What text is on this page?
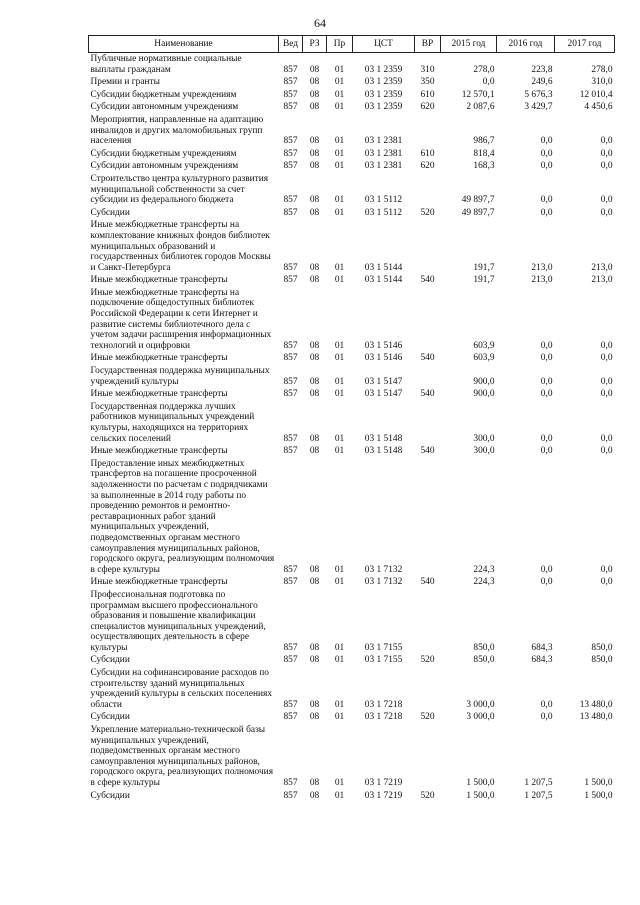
64
Наименование	Вед	РЗ	Пр	ЦСТ	ВР	2015 год	2016 год	2017 год
Публичные нормативные социальные выплаты гражданам	857	08	01	03 1 2359	310	278,0	223,8	278,0
Премии и гранты	857	08	01	03 1 2359	350	0,0	249,6	310,0
Субсидии бюджетным учреждениям	857	08	01	03 1 2359	610	12 570,1	5 676,3	12 010,4
Субсидии автономным учреждениям	857	08	01	03 1 2359	620	2 087,6	3 429,7	4 450,6
Мероприятия, направленные на адаптацию инвалидов и других маломобильных групп населения	857	08	01	03 1 2381		986,7	0,0	0,0
Субсидии бюджетным учреждениям	857	08	01	03 1 2381	610	818,4	0,0	0,0
Субсидии автономным учреждениям	857	08	01	03 1 2381	620	168,3	0,0	0,0
Строительство центра культурного развития муниципальной собственности за счет субсидии из федерального бюджета	857	08	01	03 1 5112		49 897,7	0,0	0,0
Субсидии	857	08	01	03 1 5112	520	49 897,7	0,0	0,0
Иные межбюджетные трансферты на комплектование книжных фондов библиотек муниципальных образований и государственных библиотек городов Москвы и Санкт-Петербурга	857	08	01	03 1 5144		191,7	213,0	213,0
Иные межбюджетные трансферты	857	08	01	03 1 5144	540	191,7	213,0	213,0
Иные межбюджетные трансферты на подключение общедоступных библиотек Российской Федерации к сети Интернет и развитие системы библиотечного дела с учетом задачи расширения информационных технологий и оцифровки	857	08	01	03 1 5146		603,9	0,0	0,0
Иные межбюджетные трансферты	857	08	01	03 1 5146	540	603,9	0,0	0,0
Государственная поддержка муниципальных учреждений культуры	857	08	01	03 1 5147		900,0	0,0	0,0
Иные межбюджетные трансферты	857	08	01	03 1 5147	540	900,0	0,0	0,0
Государственная поддержка лучших работников муниципальных учреждений культуры, находящихся на территориях сельских поселений	857	08	01	03 1 5148		300,0	0,0	0,0
Иные межбюджетные трансферты	857	08	01	03 1 5148	540	300,0	0,0	0,0
Предоставление иных межбюджетных трансфертов на погашение просроченной задолженности по расчетам с подрядчиками за выполненные в 2014 году работы по проведению ремонтов и ремонтно-реставрационных работ зданий муниципальных учреждений, подведомственных органам местного самоуправления муниципальных районов, городского округа, реализующим полномочия в сфере культуры	857	08	01	03 1 7132		224,3	0,0	0,0
Иные межбюджетные трансферты	857	08	01	03 1 7132	540	224,3	0,0	0,0
Профессиональная подготовка по программам высшего профессионального образования и повышение квалификации специалистов муниципальных учреждений, осуществляющих деятельность в сфере культуры	857	08	01	03 1 7155		850,0	684,3	850,0
Субсидии	857	08	01	03 1 7155	520	850,0	684,3	850,0
Субсидии на софинансирование расходов по строительству зданий муниципальных учреждений культуры в сельских поселениях области	857	08	01	03 1 7218		3 000,0	0,0	13 480,0
Субсидии	857	08	01	03 1 7218	520	3 000,0	0,0	13 480,0
Укрепление материально-технической базы муниципальных учреждений, подведомственных органам местного самоуправления муниципальных районов, городского округа, реализующих полномочия в сфере культуры	857	08	01	03 1 7219		1 500,0	1 207,5	1 500,0
Субсидии	857	08	01	03 1 7219	520	1 500,0	1 207,5	1 500,0
